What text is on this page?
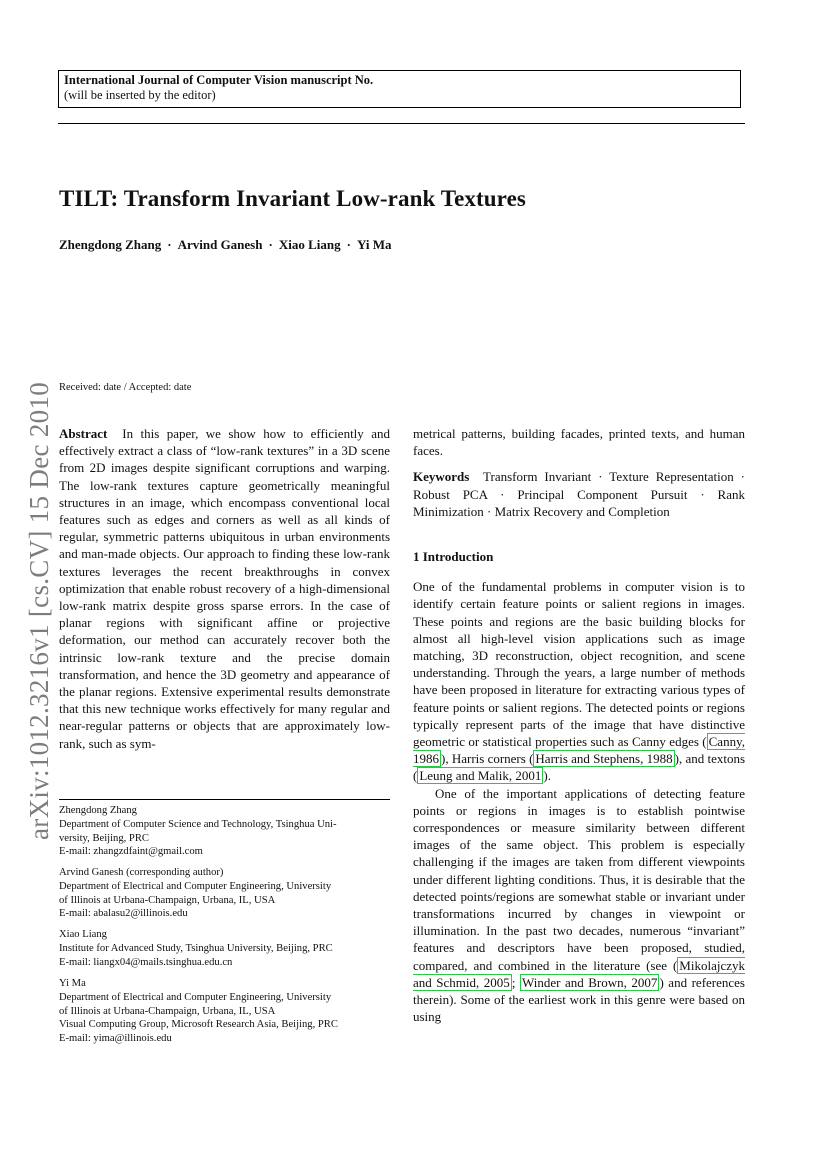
International Journal of Computer Vision manuscript No.
(will be inserted by the editor)
TILT: Transform Invariant Low-rank Textures
Zhengdong Zhang · Arvind Ganesh · Xiao Liang · Yi Ma
Received: date / Accepted: date
arXiv:1012.3216v1 [cs.CV] 15 Dec 2010 Abstract In this paper, we show how to efficiently and effectively extract a class of “low-rank textures” in a 3D scene from 2D images despite significant corruptions and warping. The low-rank textures capture geometrically meaningful structures in an image, which encompass conventional local features such as edges and corners as well as all kinds of regular, symmetric patterns ubiquitous in urban environments and man-made objects. Our approach to finding these low-rank textures leverages the recent breakthroughs in convex optimization that enable robust recovery of a high-dimensional low-rank matrix despite gross sparse errors. In the case of planar regions with significant affine or projective deformation, our method can accurately recover both the intrinsic low-rank texture and the precise domain transformation, and hence the 3D geometry and appearance of the planar regions. Extensive experimental results demonstrate that this new technique works effectively for many regular and near-regular patterns or objects that are approximately low-rank, such as sym-

Zhengdong Zhang
Department of Computer Science and Technology, Tsinghua Uni-
versity, Beijing, PRC
E-mail: zhangzdfaint@gmail.com
Arvind Ganesh (corresponding author)
Department of Electrical and Computer Engineering, University
of Illinois at Urbana-Champaign, Urbana, IL, USA
E-mail: abalasu2@illinois.edu
Xiao Liang
Institute for Advanced Study, Tsinghua University, Beijing, PRC
E-mail: liangx04@mails.tsinghua.edu.cn
Yi Ma
Department of Electrical and Computer Engineering, University
of Illinois at Urbana-Champaign, Urbana, IL, USA
Visual Computing Group, Microsoft Research Asia, Beijing, PRC
E-mail: yima@illinois.edu

metrical patterns, building facades, printed texts, and human faces.

Keywords Transform Invariant · Texture Representation · Robust PCA · Principal Component Pursuit · Rank Minimization · Matrix Recovery and Completion

1 Introduction

One of the fundamental problems in computer vision is to identify certain feature points or salient regions in images. These points and regions are the basic building blocks for almost all high-level vision applications such as image matching, 3D reconstruction, object recognition, and scene understanding. Through the years, a large number of methods have been proposed in literature for extracting various types of feature points or salient regions. The detected points or regions typically represent parts of the image that have distinctive geometric or statistical properties such as Canny edges ( Canny, 1986 ), Harris corners ( Harris and Stephens, 1988 ), and textons ( Leung and Malik, 2001 ).

One of the important applications of detecting feature points or regions in images is to establish pointwise correspondences or measure similarity between different images of the same object. This problem is especially challenging if the images are taken from different viewpoints under different lighting conditions. Thus, it is desirable that the detected points/regions are somewhat stable or invariant under transformations incurred by changes in viewpoint or illumination. In the past two decades, numerous “invariant” features and descriptors have been proposed, studied, compared, and combined in the literature (see ( Mikolajczyk and Schmid, 2005 ; Winder and Brown, 2007 ) and references therein). Some of the earliest work in this genre were based on using
